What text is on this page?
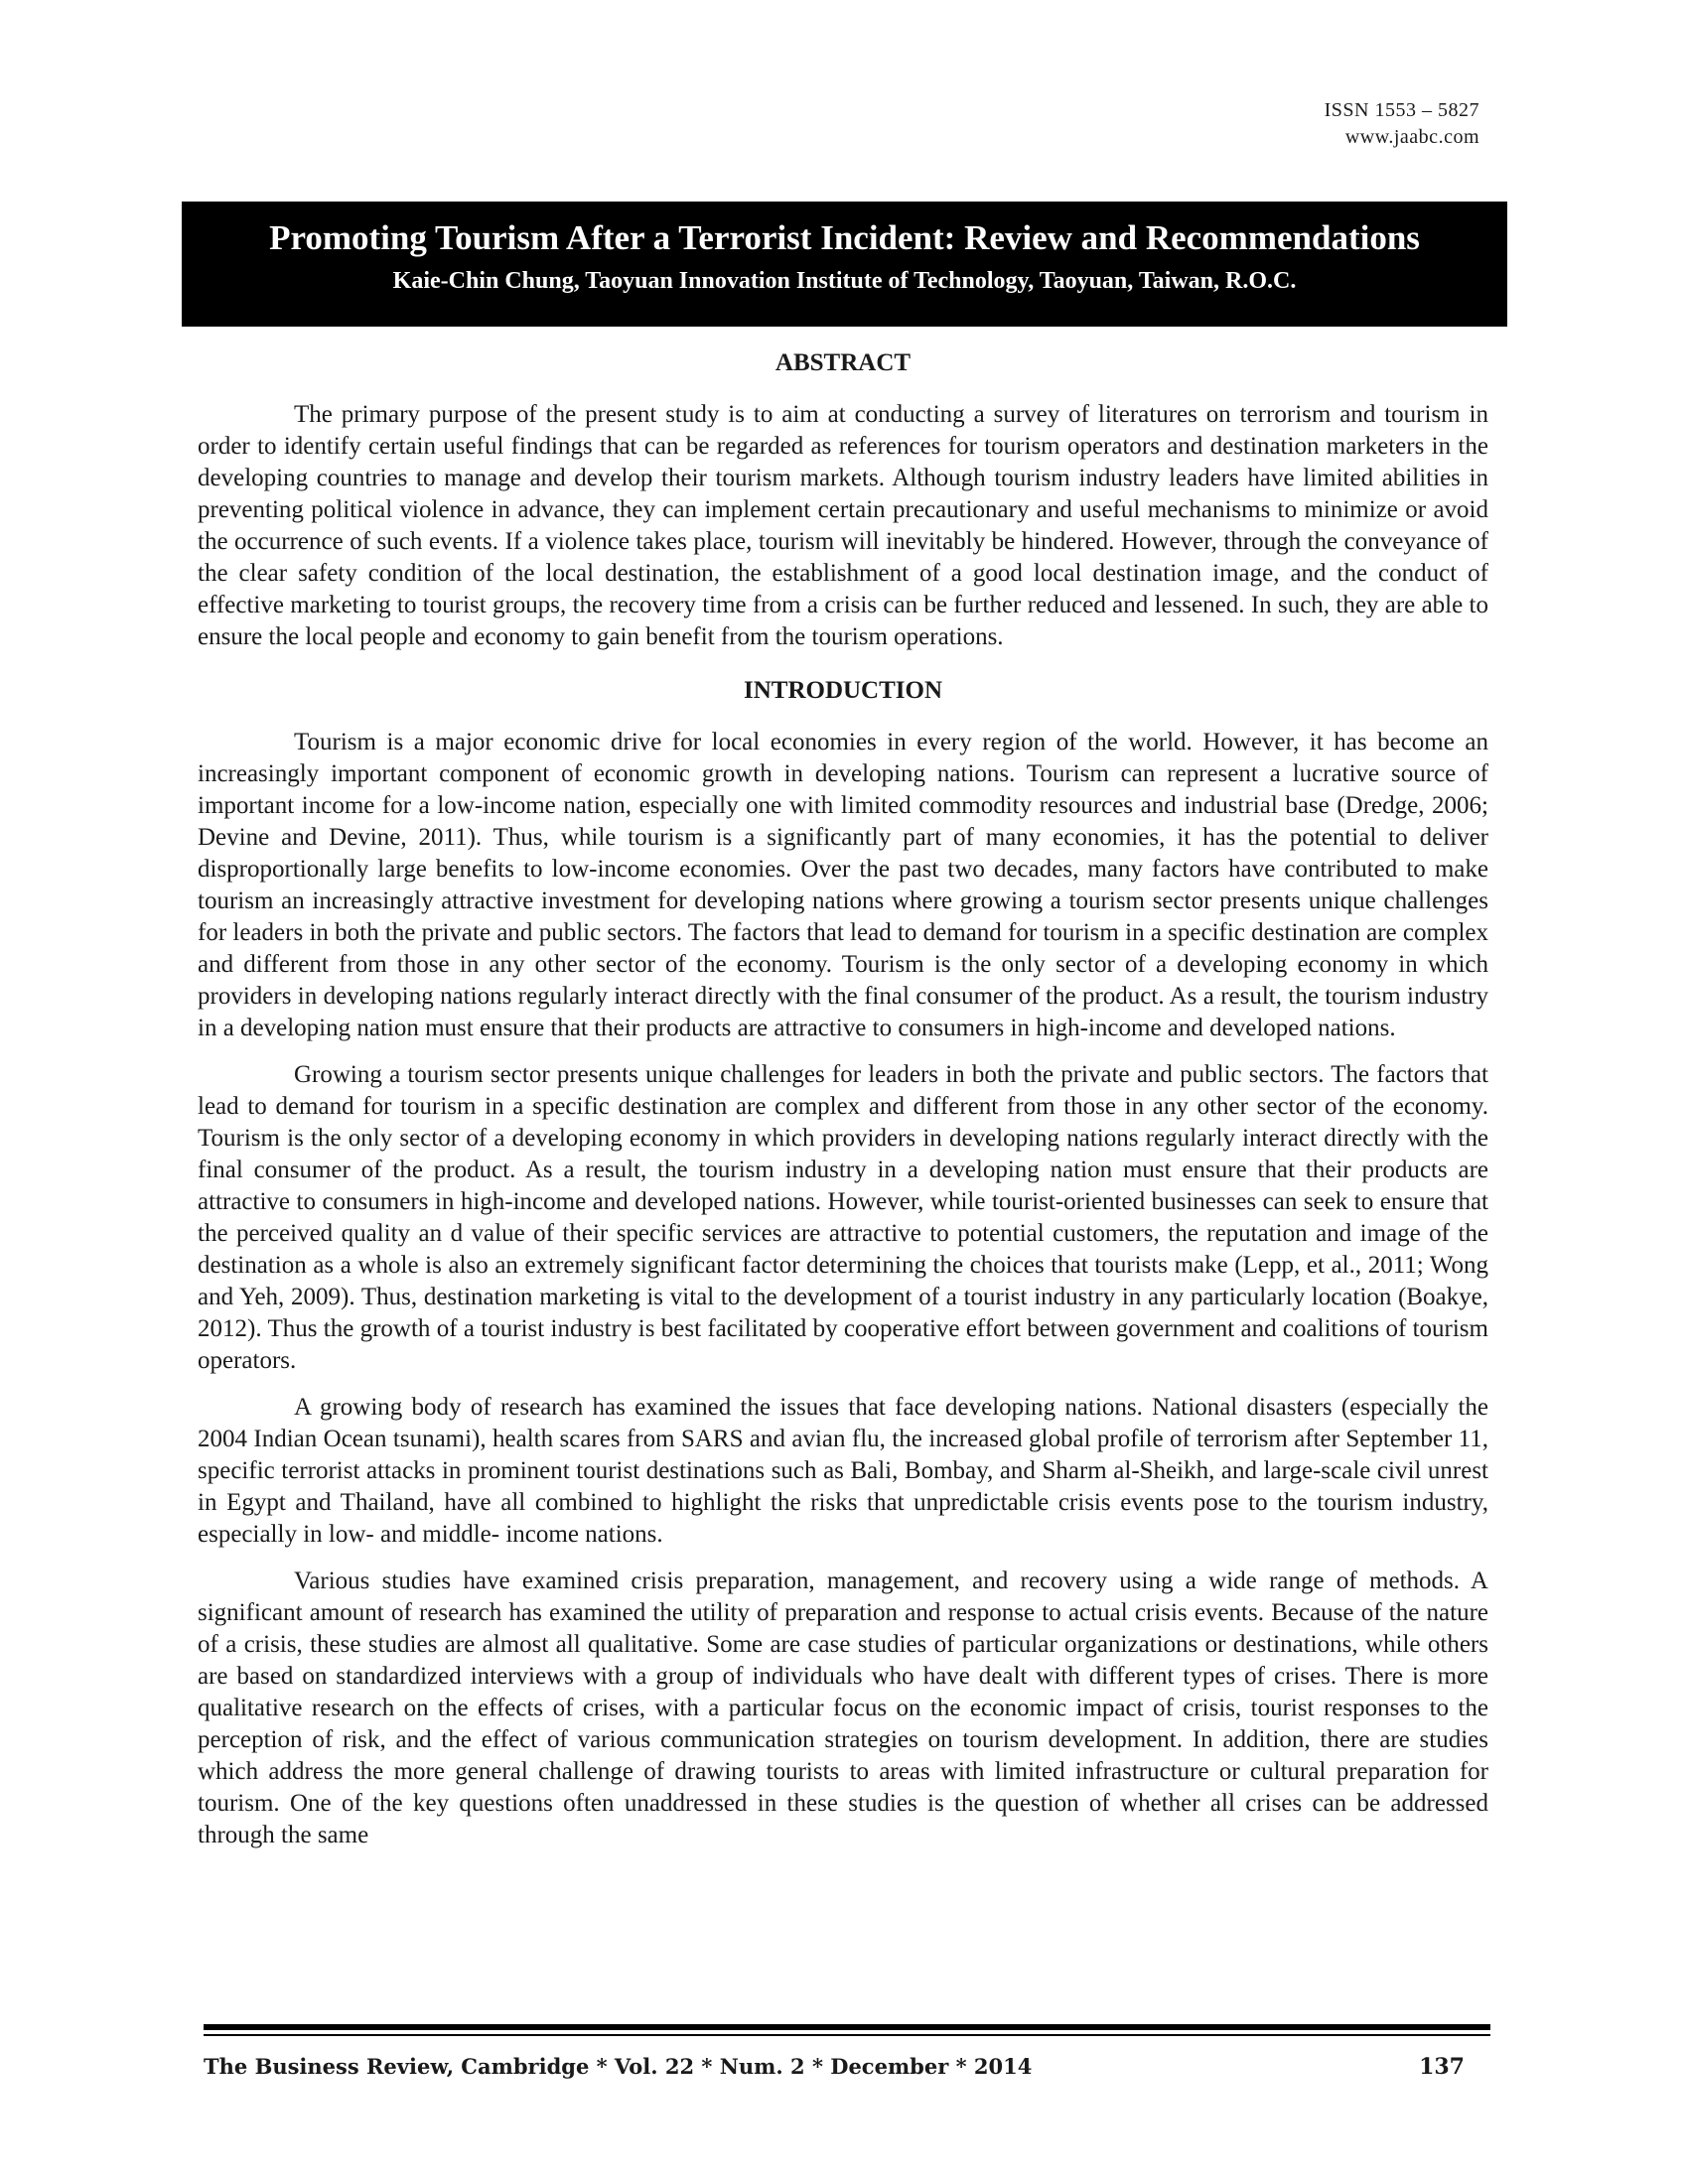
ISSN 1553 – 5827
www.jaabc.com
Promoting Tourism After a Terrorist Incident: Review and Recommendations
Kaie-Chin Chung, Taoyuan Innovation Institute of Technology, Taoyuan, Taiwan, R.O.C.
ABSTRACT

The primary purpose of the present study is to aim at conducting a survey of literatures on terrorism and tourism in order to identify certain useful findings that can be regarded as references for tourism operators and destination marketers in the developing countries to manage and develop their tourism markets. Although tourism industry leaders have limited abilities in preventing political violence in advance, they can implement certain precautionary and useful mechanisms to minimize or avoid the occurrence of such events. If a violence takes place, tourism will inevitably be hindered. However, through the conveyance of the clear safety condition of the local destination, the establishment of a good local destination image, and the conduct of effective marketing to tourist groups, the recovery time from a crisis can be further reduced and lessened. In such, they are able to ensure the local people and economy to gain benefit from the tourism operations.

INTRODUCTION

Tourism is a major economic drive for local economies in every region of the world. However, it has become an increasingly important component of economic growth in developing nations. Tourism can represent a lucrative source of important income for a low-income nation, especially one with limited commodity resources and industrial base (Dredge, 2006; Devine and Devine, 2011). Thus, while tourism is a significantly part of many economies, it has the potential to deliver disproportionally large benefits to low-income economies. Over the past two decades, many factors have contributed to make tourism an increasingly attractive investment for developing nations where growing a tourism sector presents unique challenges for leaders in both the private and public sectors. The factors that lead to demand for tourism in a specific destination are complex and different from those in any other sector of the economy. Tourism is the only sector of a developing economy in which providers in developing nations regularly interact directly with the final consumer of the product. As a result, the tourism industry in a developing nation must ensure that their products are attractive to consumers in high-income and developed nations.

Growing a tourism sector presents unique challenges for leaders in both the private and public sectors. The factors that lead to demand for tourism in a specific destination are complex and different from those in any other sector of the economy. Tourism is the only sector of a developing economy in which providers in developing nations regularly interact directly with the final consumer of the product. As a result, the tourism industry in a developing nation must ensure that their products are attractive to consumers in high-income and developed nations. However, while tourist-oriented businesses can seek to ensure that the perceived quality an d value of their specific services are attractive to potential customers, the reputation and image of the destination as a whole is also an extremely significant factor determining the choices that tourists make (Lepp, et al., 2011; Wong and Yeh, 2009). Thus, destination marketing is vital to the development of a tourist industry in any particularly location (Boakye, 2012). Thus the growth of a tourist industry is best facilitated by cooperative effort between government and coalitions of tourism operators.

A growing body of research has examined the issues that face developing nations. National disasters (especially the 2004 Indian Ocean tsunami), health scares from SARS and avian flu, the increased global profile of terrorism after September 11, specific terrorist attacks in prominent tourist destinations such as Bali, Bombay, and Sharm al-Sheikh, and large-scale civil unrest in Egypt and Thailand, have all combined to highlight the risks that unpredictable crisis events pose to the tourism industry, especially in low- and middle- income nations.

Various studies have examined crisis preparation, management, and recovery using a wide range of methods. A significant amount of research has examined the utility of preparation and response to actual crisis events. Because of the nature of a crisis, these studies are almost all qualitative. Some are case studies of particular organizations or destinations, while others are based on standardized interviews with a group of individuals who have dealt with different types of crises. There is more qualitative research on the effects of crises, with a particular focus on the economic impact of crisis, tourist responses to the perception of risk, and the effect of various communication strategies on tourism development. In addition, there are studies which address the more general challenge of drawing tourists to areas with limited infrastructure or cultural preparation for tourism. One of the key questions often unaddressed in these studies is the question of whether all crises can be addressed through the same

The Business Review, Cambridge * Vol. 22 * Num. 2 * December * 2014	137
